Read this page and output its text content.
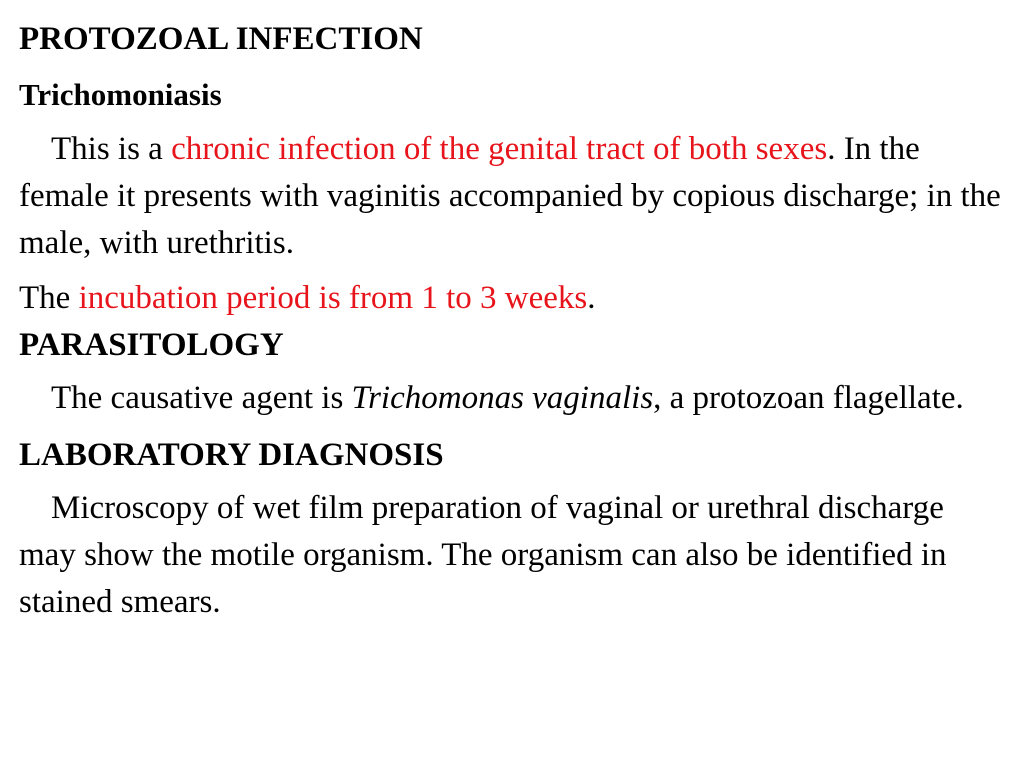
PROTOZOAL INFECTION
Trichomoniasis

This is a chronic infection of the genital tract of both sexes. In the female it presents with vaginitis accompanied by copious discharge; in the male, with urethritis.

The incubation period is from 1 to 3 weeks.

PARASITOLOGY

The causative agent is Trichomonas vaginalis, a protozoan flagellate.

LABORATORY DIAGNOSIS

Microscopy of wet film preparation of vaginal or urethral discharge may show the motile organism. The organism can also be identified in stained smears.
